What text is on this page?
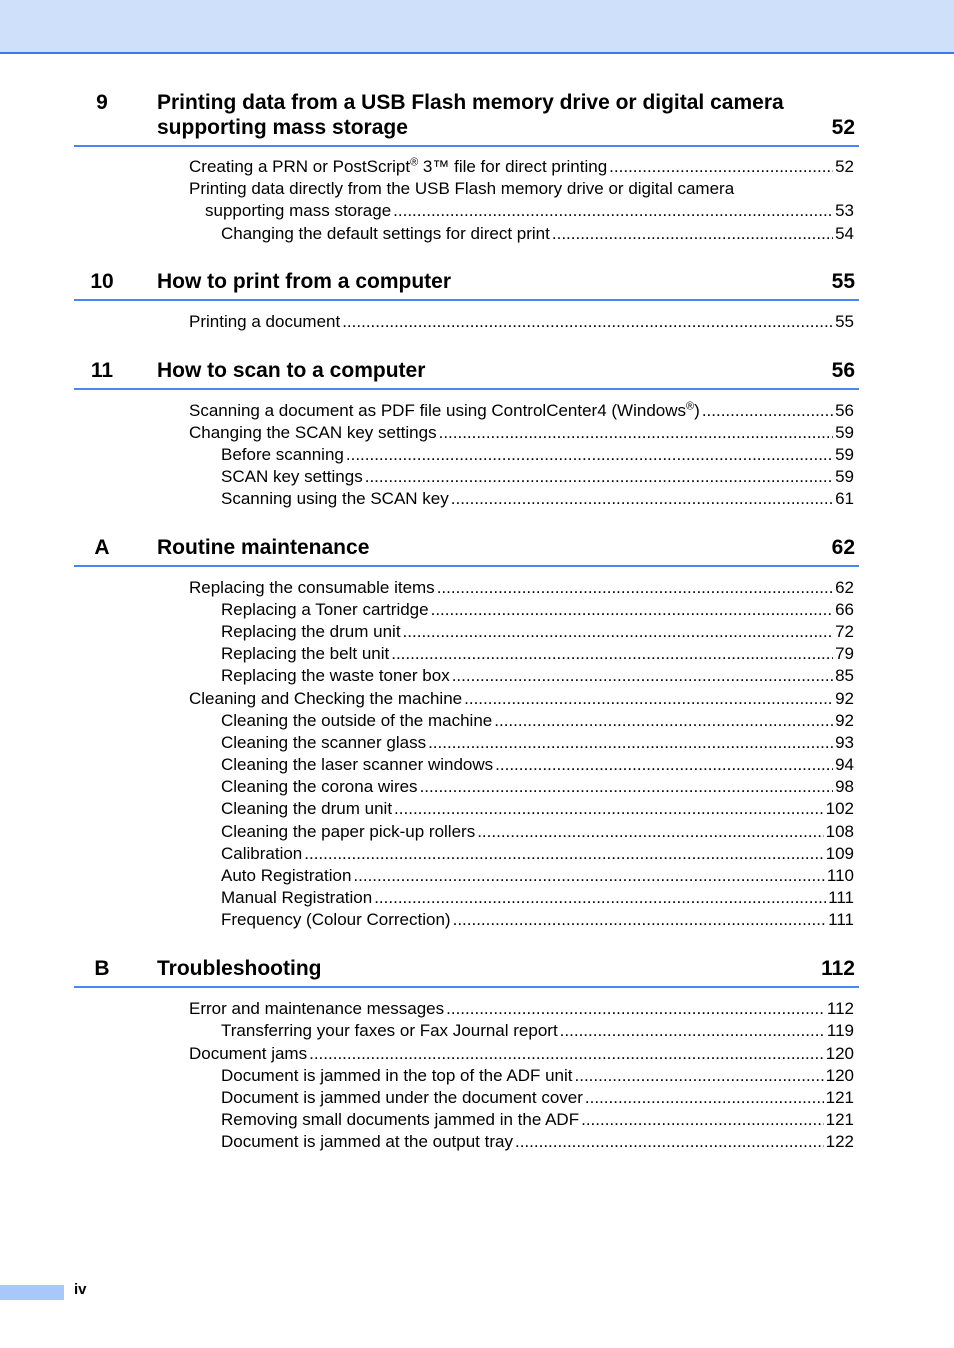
9	Printing data from a USB Flash memory drive or digital camera
supporting mass storage	52
Creating a PRN or PostScript® 3™ file for direct printing .....	52
Printing data directly from the USB Flash memory drive or digital camera
supporting mass storage .....	53
Changing the default settings for direct print .....	54
10	How to print from a computer	55
Printing a document .....	55
11	How to scan to a computer	56
Scanning a document as PDF file using ControlCenter4 (Windows®) .....	56
Changing the SCAN key settings .....	59
Before scanning .....	59
SCAN key settings .....	59
Scanning using the SCAN key .....	61
A	Routine maintenance	62
Replacing the consumable items .....	62
Replacing a Toner cartridge .....	66
Replacing the drum unit .....	72
Replacing the belt unit .....	79
Replacing the waste toner box .....	85
Cleaning and Checking the machine .....	92
Cleaning the outside of the machine .....	92
Cleaning the scanner glass .....	93
Cleaning the laser scanner windows .....	94
Cleaning the corona wires .....	98
Cleaning the drum unit .....	102
Cleaning the paper pick-up rollers .....	108
Calibration .....	109
Auto Registration .....	110
Manual Registration .....	111
Frequency (Colour Correction) .....	111
B	Troubleshooting	112
Error and maintenance messages .....	112
Transferring your faxes or Fax Journal report .....	119
Document jams .....	120
Document is jammed in the top of the ADF unit .....	120
Document is jammed under the document cover .....	121
Removing small documents jammed in the ADF .....	121
Document is jammed at the output tray .....	122
iv
